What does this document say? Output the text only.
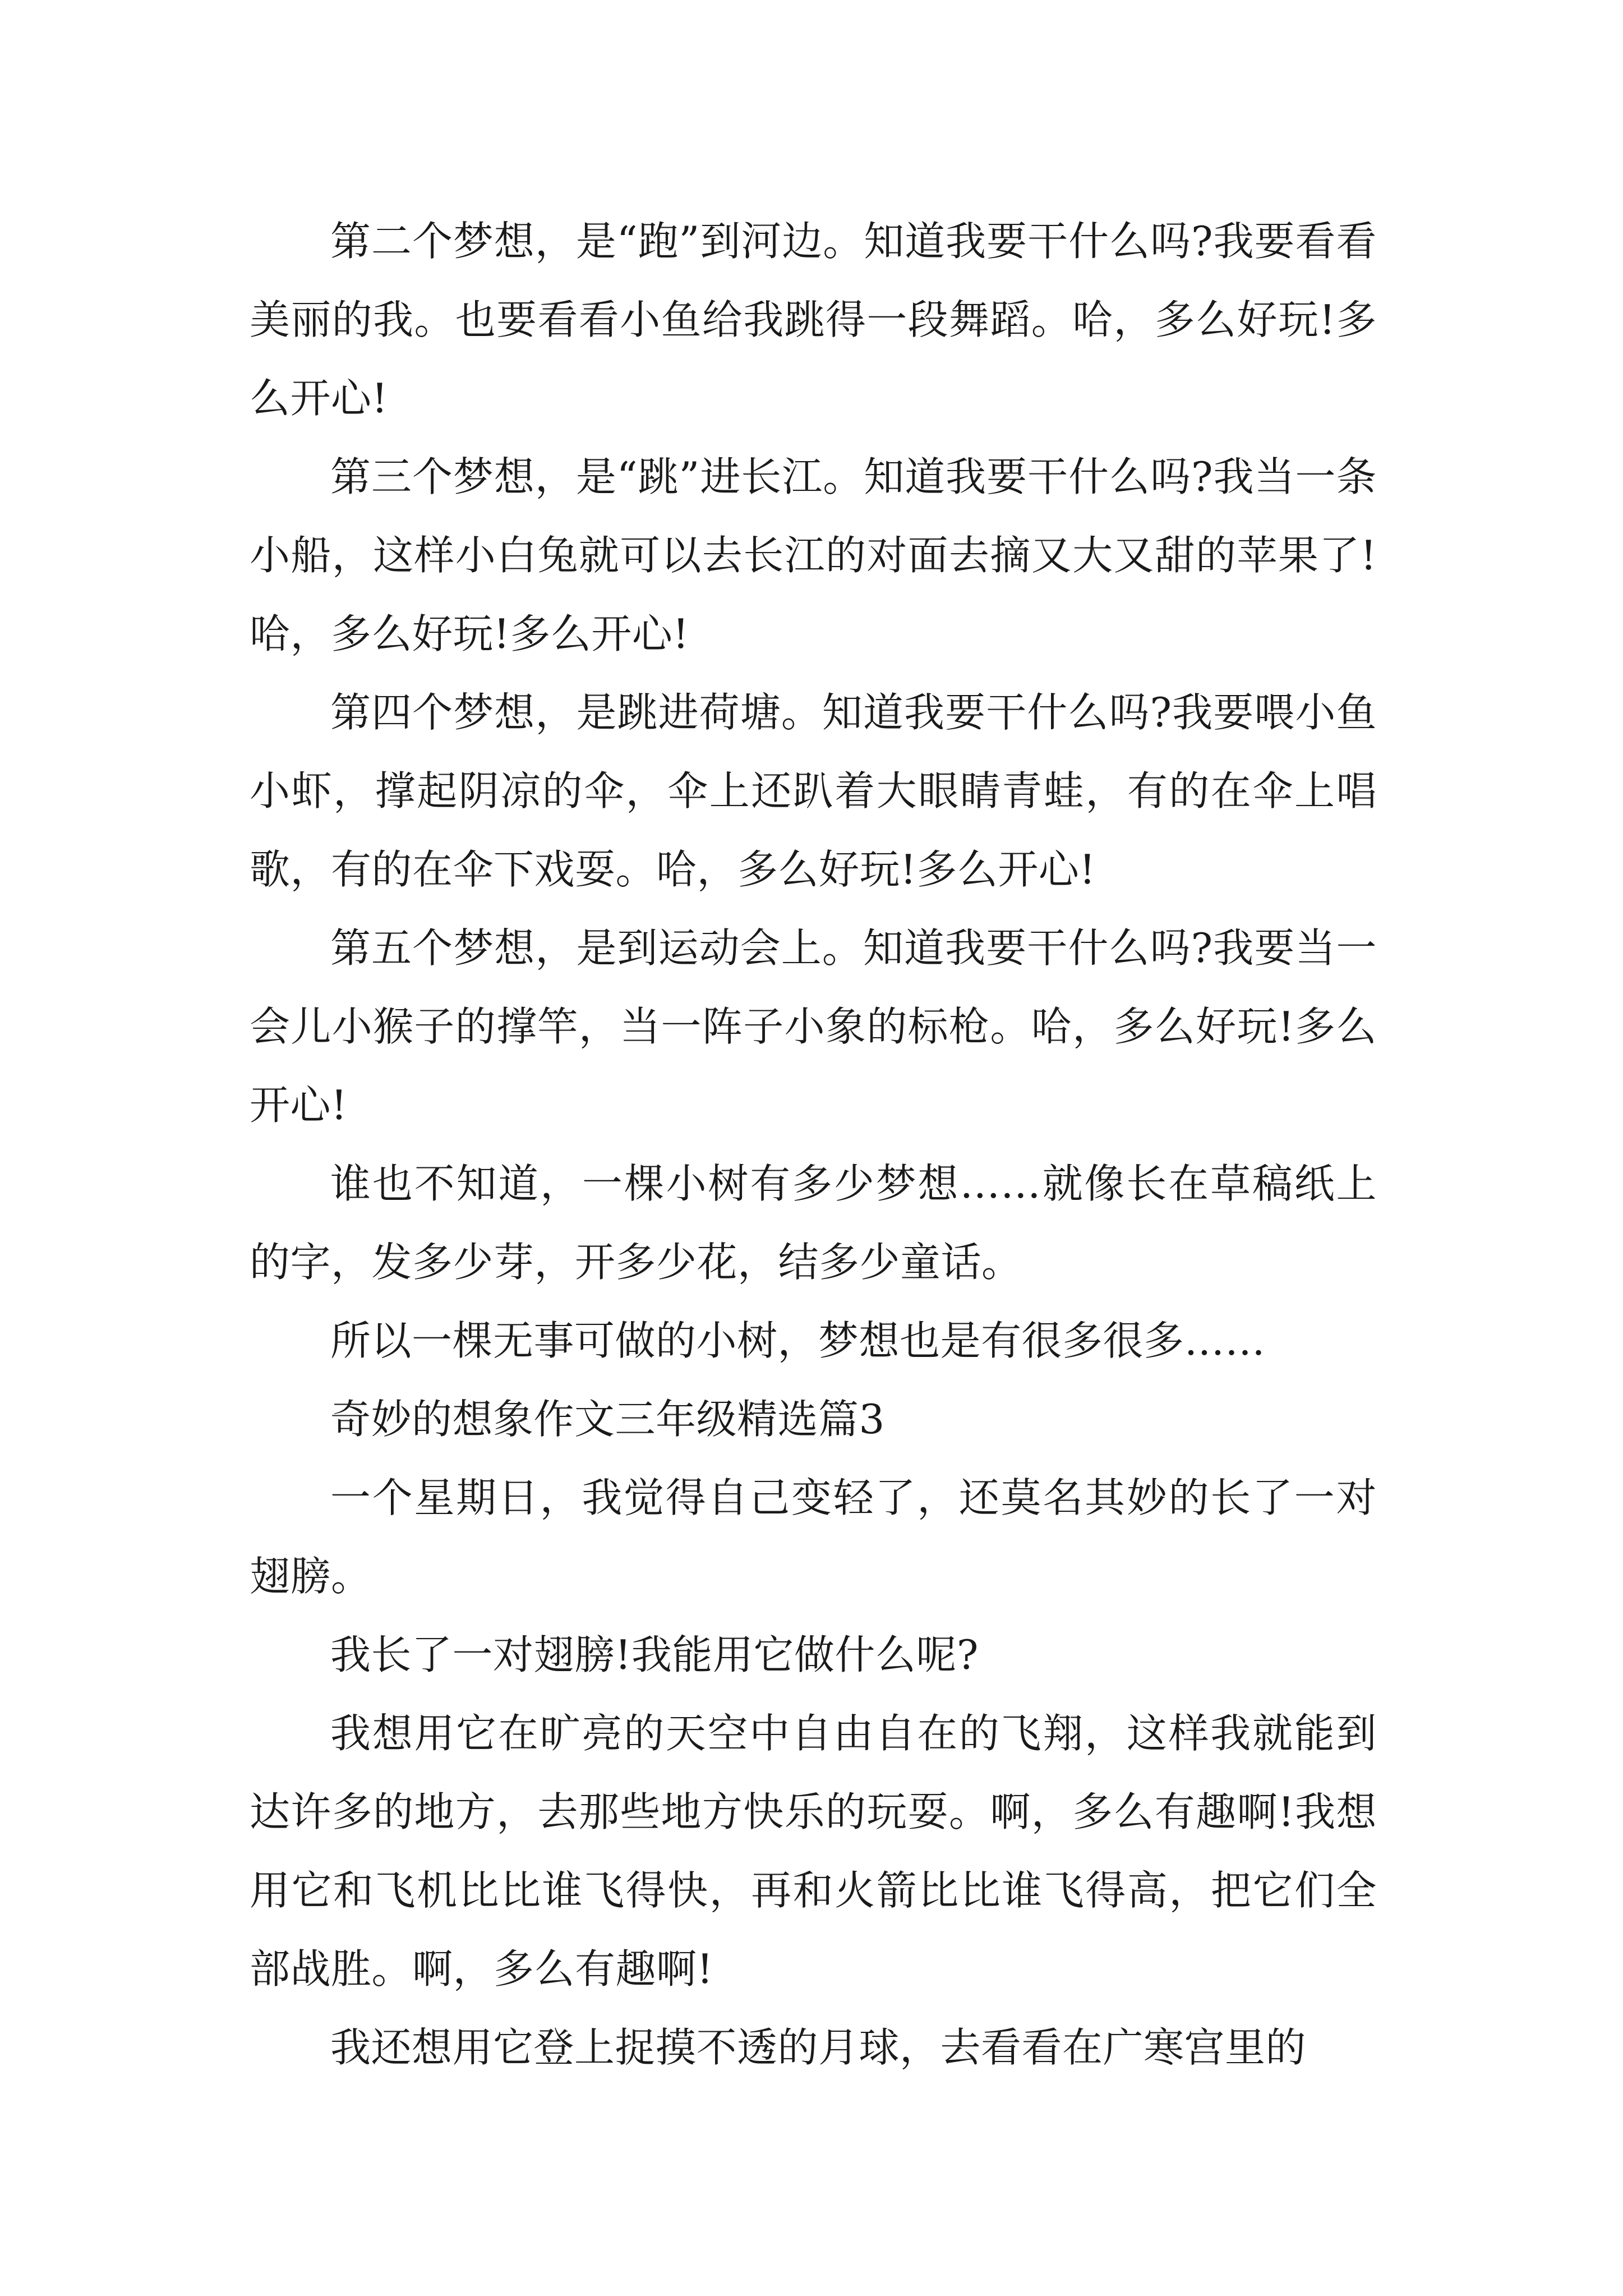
第二个梦想，是“跑”到河边。知道我要干什么吗?我要看看美丽的我。也要看看小鱼给我跳得一段舞蹈。哈，多么好玩!多么开心!

第三个梦想，是“跳”进长江。知道我要干什么吗?我当一条小船，这样小白兔就可以去长江的对面去摘又大又甜的苹果了!哈，多么好玩!多么开心!

第四个梦想，是跳进荷塘。知道我要干什么吗?我要喂小鱼小虾，撑起阴凉的伞，伞上还趴着大眼睛青蛙，有的在伞上唱歌，有的在伞下戏耍。哈，多么好玩!多么开心!

第五个梦想，是到运动会上。知道我要干什么吗?我要当一会儿小猴子的撑竿，当一阵子小象的标枪。哈，多么好玩!多么开心!

谁也不知道，一棵小树有多少梦想……就像长在草稿纸上的字，发多少芽，开多少花，结多少童话。

所以一棵无事可做的小树，梦想也是有很多很多……

奇妙的想象作文三年级精选篇3

一个星期日，我觉得自己变轻了，还莫名其妙的长了一对翅膀。

我长了一对翅膀!我能用它做什么呢?

我想用它在旷亮的天空中自由自在的飞翔，这样我就能到达许多的地方，去那些地方快乐的玩耍。啊，多么有趣啊!我想用它和飞机比比谁飞得快，再和火箭比比谁飞得高，把它们全部战胜。啊，多么有趣啊!

我还想用它登上捉摸不透的月球，去看看在广寒宫里的
